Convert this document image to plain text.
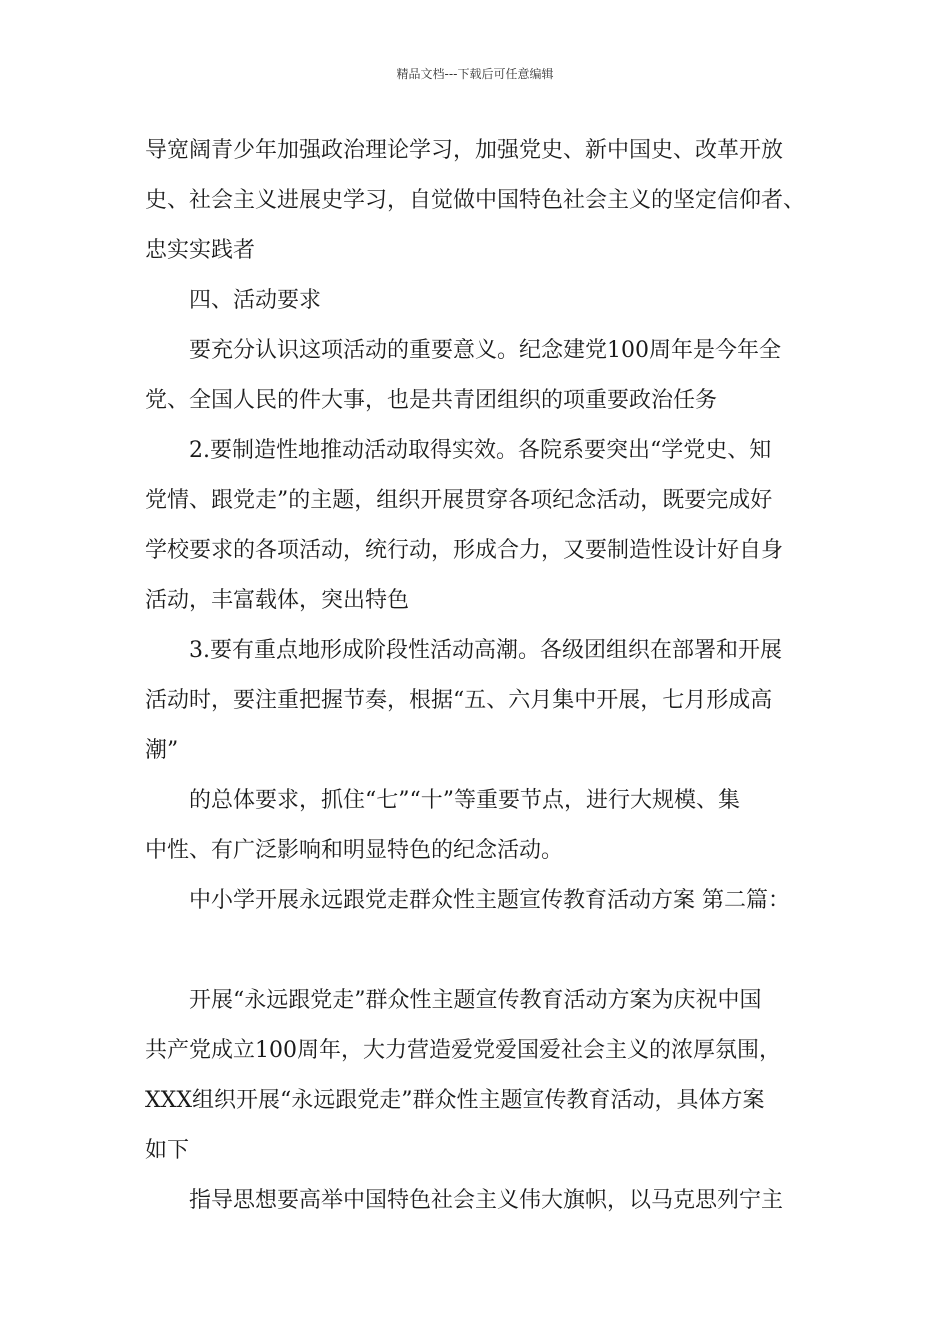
精品文档---下载后可任意编辑

导宽阔青少年加强政治理论学习，加强党史、新中国史、改革开放
史、社会主义进展史学习，自觉做中国特色社会主义的坚定信仰者、
忠实实践者

　　四、活动要求

　　要充分认识这项活动的重要意义。纪念建党100周年是今年全
党、全国人民的件大事，也是共青团组织的项重要政治任务

　　2.要制造性地推动活动取得实效。各院系要突出“学党史、知
党情、跟党走”的主题，组织开展贯穿各项纪念活动，既要完成好
学校要求的各项活动，统行动，形成合力，又要制造性设计好自身
活动，丰富载体，突出特色

　　3.要有重点地形成阶段性活动高潮。各级团组织在部署和开展
活动时，要注重把握节奏，根据“五、六月集中开展，七月形成高
潮”

　　的总体要求，抓住“七”“十”等重要节点，进行大规模、集
中性、有广泛影响和明显特色的纪念活动。

　　中小学开展永远跟党走群众性主题宣传教育活动方案 第二篇：

　　开展“永远跟党走”群众性主题宣传教育活动方案为庆祝中国
共产党成立100周年，大力营造爱党爱国爱社会主义的浓厚氛围，
XXX组织开展“永远跟党走”群众性主题宣传教育活动，具体方案
如下

　　指导思想要高举中国特色社会主义伟大旗帜，以马克思列宁主
